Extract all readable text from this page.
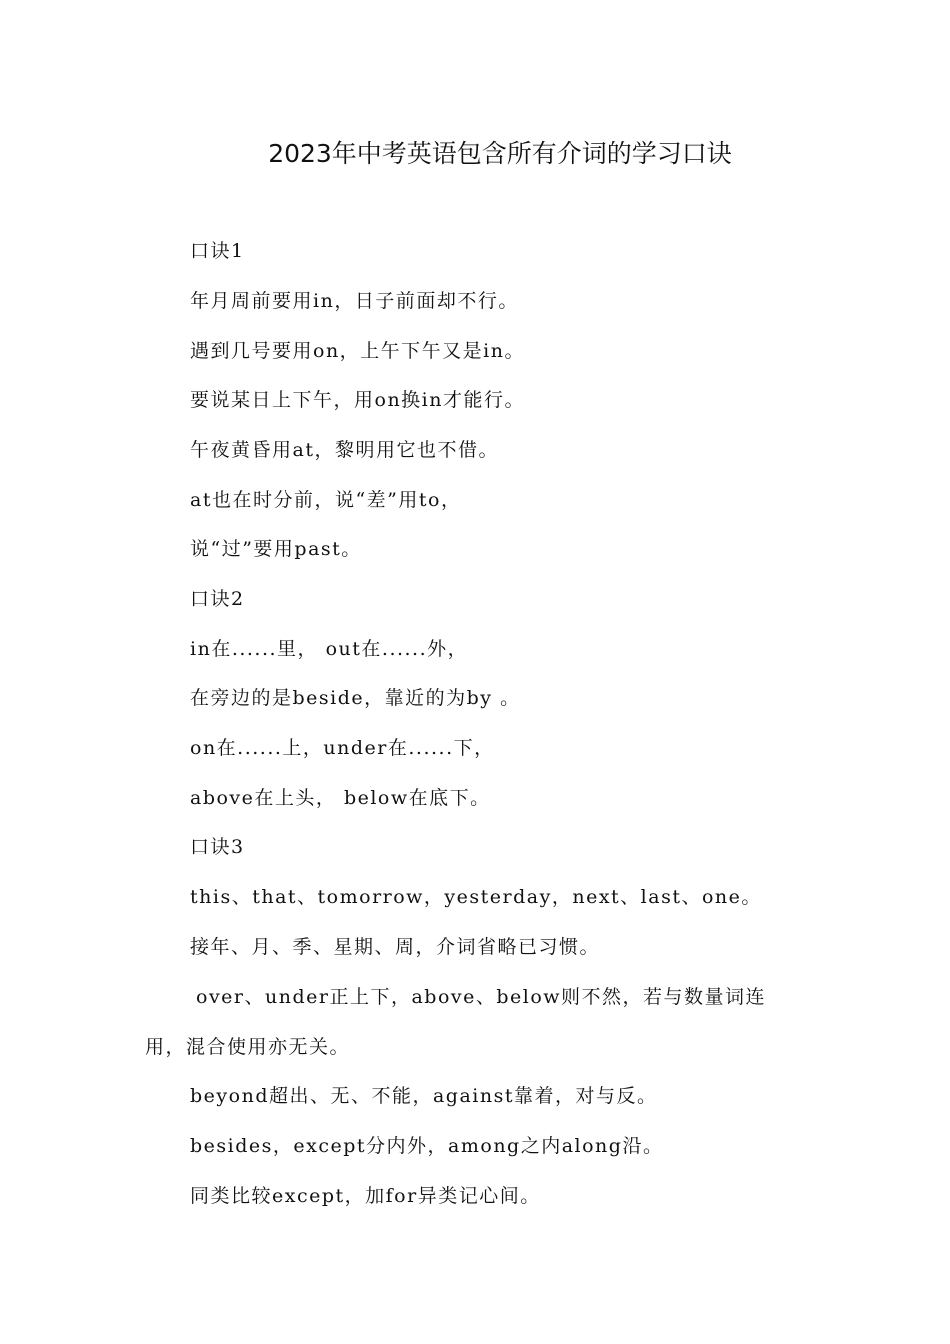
2023年中考英语包含所有介词的学习口诀
口诀1
年月周前要用in，日子前面却不行。
遇到几号要用on，上午下午又是in。
要说某日上下午，用on换in才能行。
午夜黄昏用at，黎明用它也不借。
at也在时分前，说“差”用to，
说“过”要用past。
口诀2
in在......里， out在......外，
在旁边的是beside，靠近的为by 。
on在......上，under在......下，
above在上头， below在底下。
口诀3
this、that、tomorrow，yesterday，next、last、one。
接年、月、季、星期、周，介词省略已习惯。
over、under正上下，above、below则不然，若与数量词连
用，混合使用亦无关。
beyond超出、无、不能，against靠着，对与反。
besides，except分内外，among之内along沿。
同类比较except，加for异类记心间。
